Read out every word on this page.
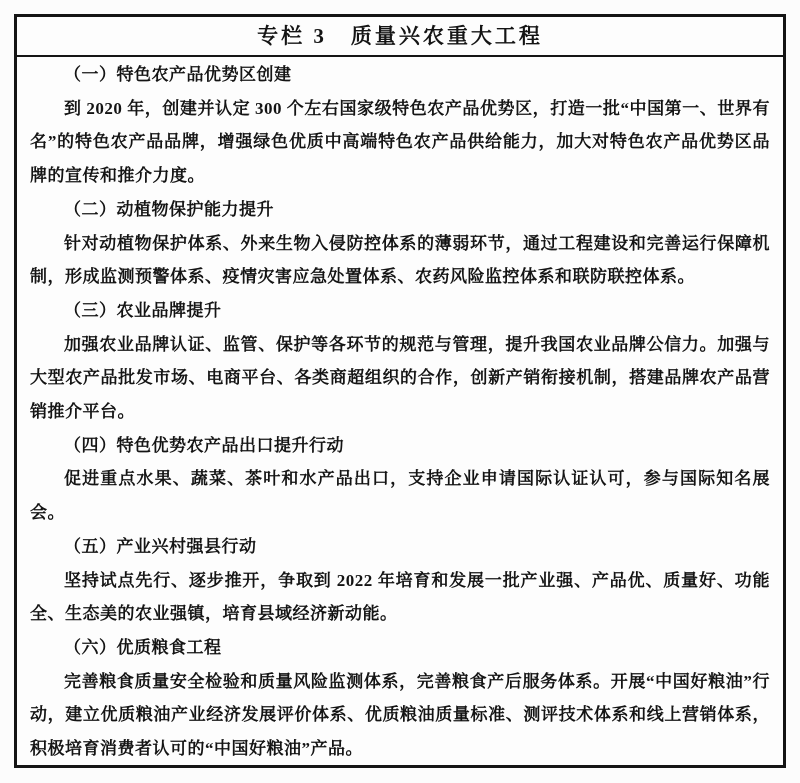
专栏 3　质量兴农重大工程
（一）特色农产品优势区创建

到 2020 年，创建并认定 300 个左右国家级特色农产品优势区，打造一批“中国第一、世界有名”的特色农产品品牌，增强绿色优质中高端特色农产品供给能力，加大对特色农产品优势区品牌的宣传和推介力度。

（二）动植物保护能力提升

针对动植物保护体系、外来生物入侵防控体系的薄弱环节，通过工程建设和完善运行保障机制，形成监测预警体系、疫情灾害应急处置体系、农药风险监控体系和联防联控体系。

（三）农业品牌提升

加强农业品牌认证、监管、保护等各环节的规范与管理，提升我国农业品牌公信力。加强与大型农产品批发市场、电商平台、各类商超组织的合作，创新产销衔接机制，搭建品牌农产品营销推介平台。

（四）特色优势农产品出口提升行动

促进重点水果、蔬菜、茶叶和水产品出口，支持企业申请国际认证认可，参与国际知名展会。

（五）产业兴村强县行动

坚持试点先行、逐步推开，争取到 2022 年培育和发展一批产业强、产品优、质量好、功能全、生态美的农业强镇，培育县域经济新动能。

（六）优质粮食工程

完善粮食质量安全检验和质量风险监测体系，完善粮食产后服务体系。开展“中国好粮油”行动，建立优质粮油产业经济发展评价体系、优质粮油质量标准、测评技术体系和线上营销体系，积极培育消费者认可的“中国好粮油”产品。
